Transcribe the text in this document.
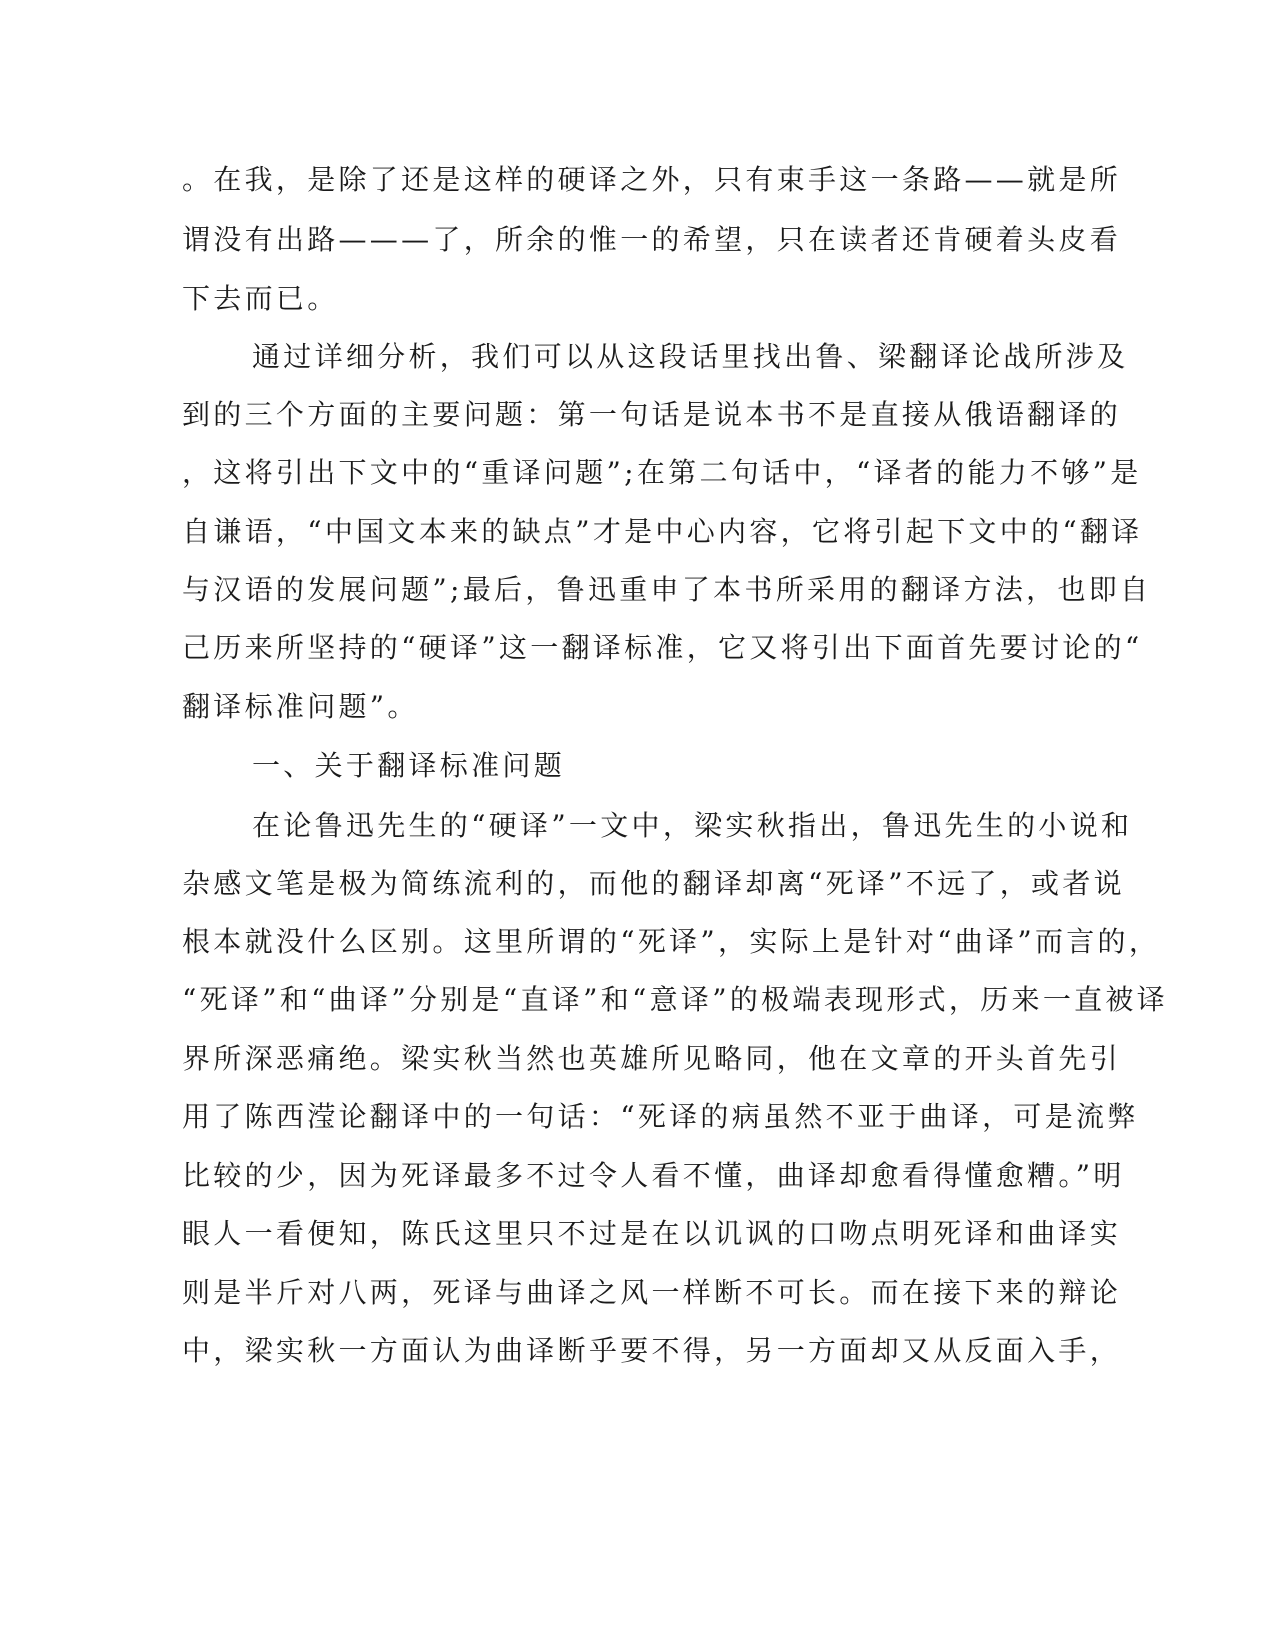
。在我，是除了还是这样的硬译之外，只有束手这一条路——就是所
谓没有出路———了，所余的惟一的希望，只在读者还肯硬着头皮看
下去而已。
通过详细分析，我们可以从这段话里找出鲁、梁翻译论战所涉及
到的三个方面的主要问题：第一句话是说本书不是直接从俄语翻译的
，这将引出下文中的“重译问题”;在第二句话中，“译者的能力不够”是
自谦语，“中国文本来的缺点”才是中心内容，它将引起下文中的“翻译
与汉语的发展问题”;最后，鲁迅重申了本书所采用的翻译方法，也即自
己历来所坚持的“硬译”这一翻译标准，它又将引出下面首先要讨论的“
翻译标准问题”。
一、关于翻译标准问题
在论鲁迅先生的“硬译”一文中，梁实秋指出，鲁迅先生的小说和
杂感文笔是极为简练流利的，而他的翻译却离“死译”不远了，或者说
根本就没什么区别。这里所谓的“死译”，实际上是针对“曲译”而言的，
“死译”和“曲译”分别是“直译”和“意译”的极端表现形式，历来一直被译
界所深恶痛绝。梁实秋当然也英雄所见略同，他在文章的开头首先引
用了陈西滢论翻译中的一句话：“死译的病虽然不亚于曲译，可是流弊
比较的少，因为死译最多不过令人看不懂，曲译却愈看得懂愈糟。”明
眼人一看便知，陈氏这里只不过是在以讥讽的口吻点明死译和曲译实
则是半斤对八两，死译与曲译之风一样断不可长。而在接下来的辩论
中，梁实秋一方面认为曲译断乎要不得，另一方面却又从反面入手，
